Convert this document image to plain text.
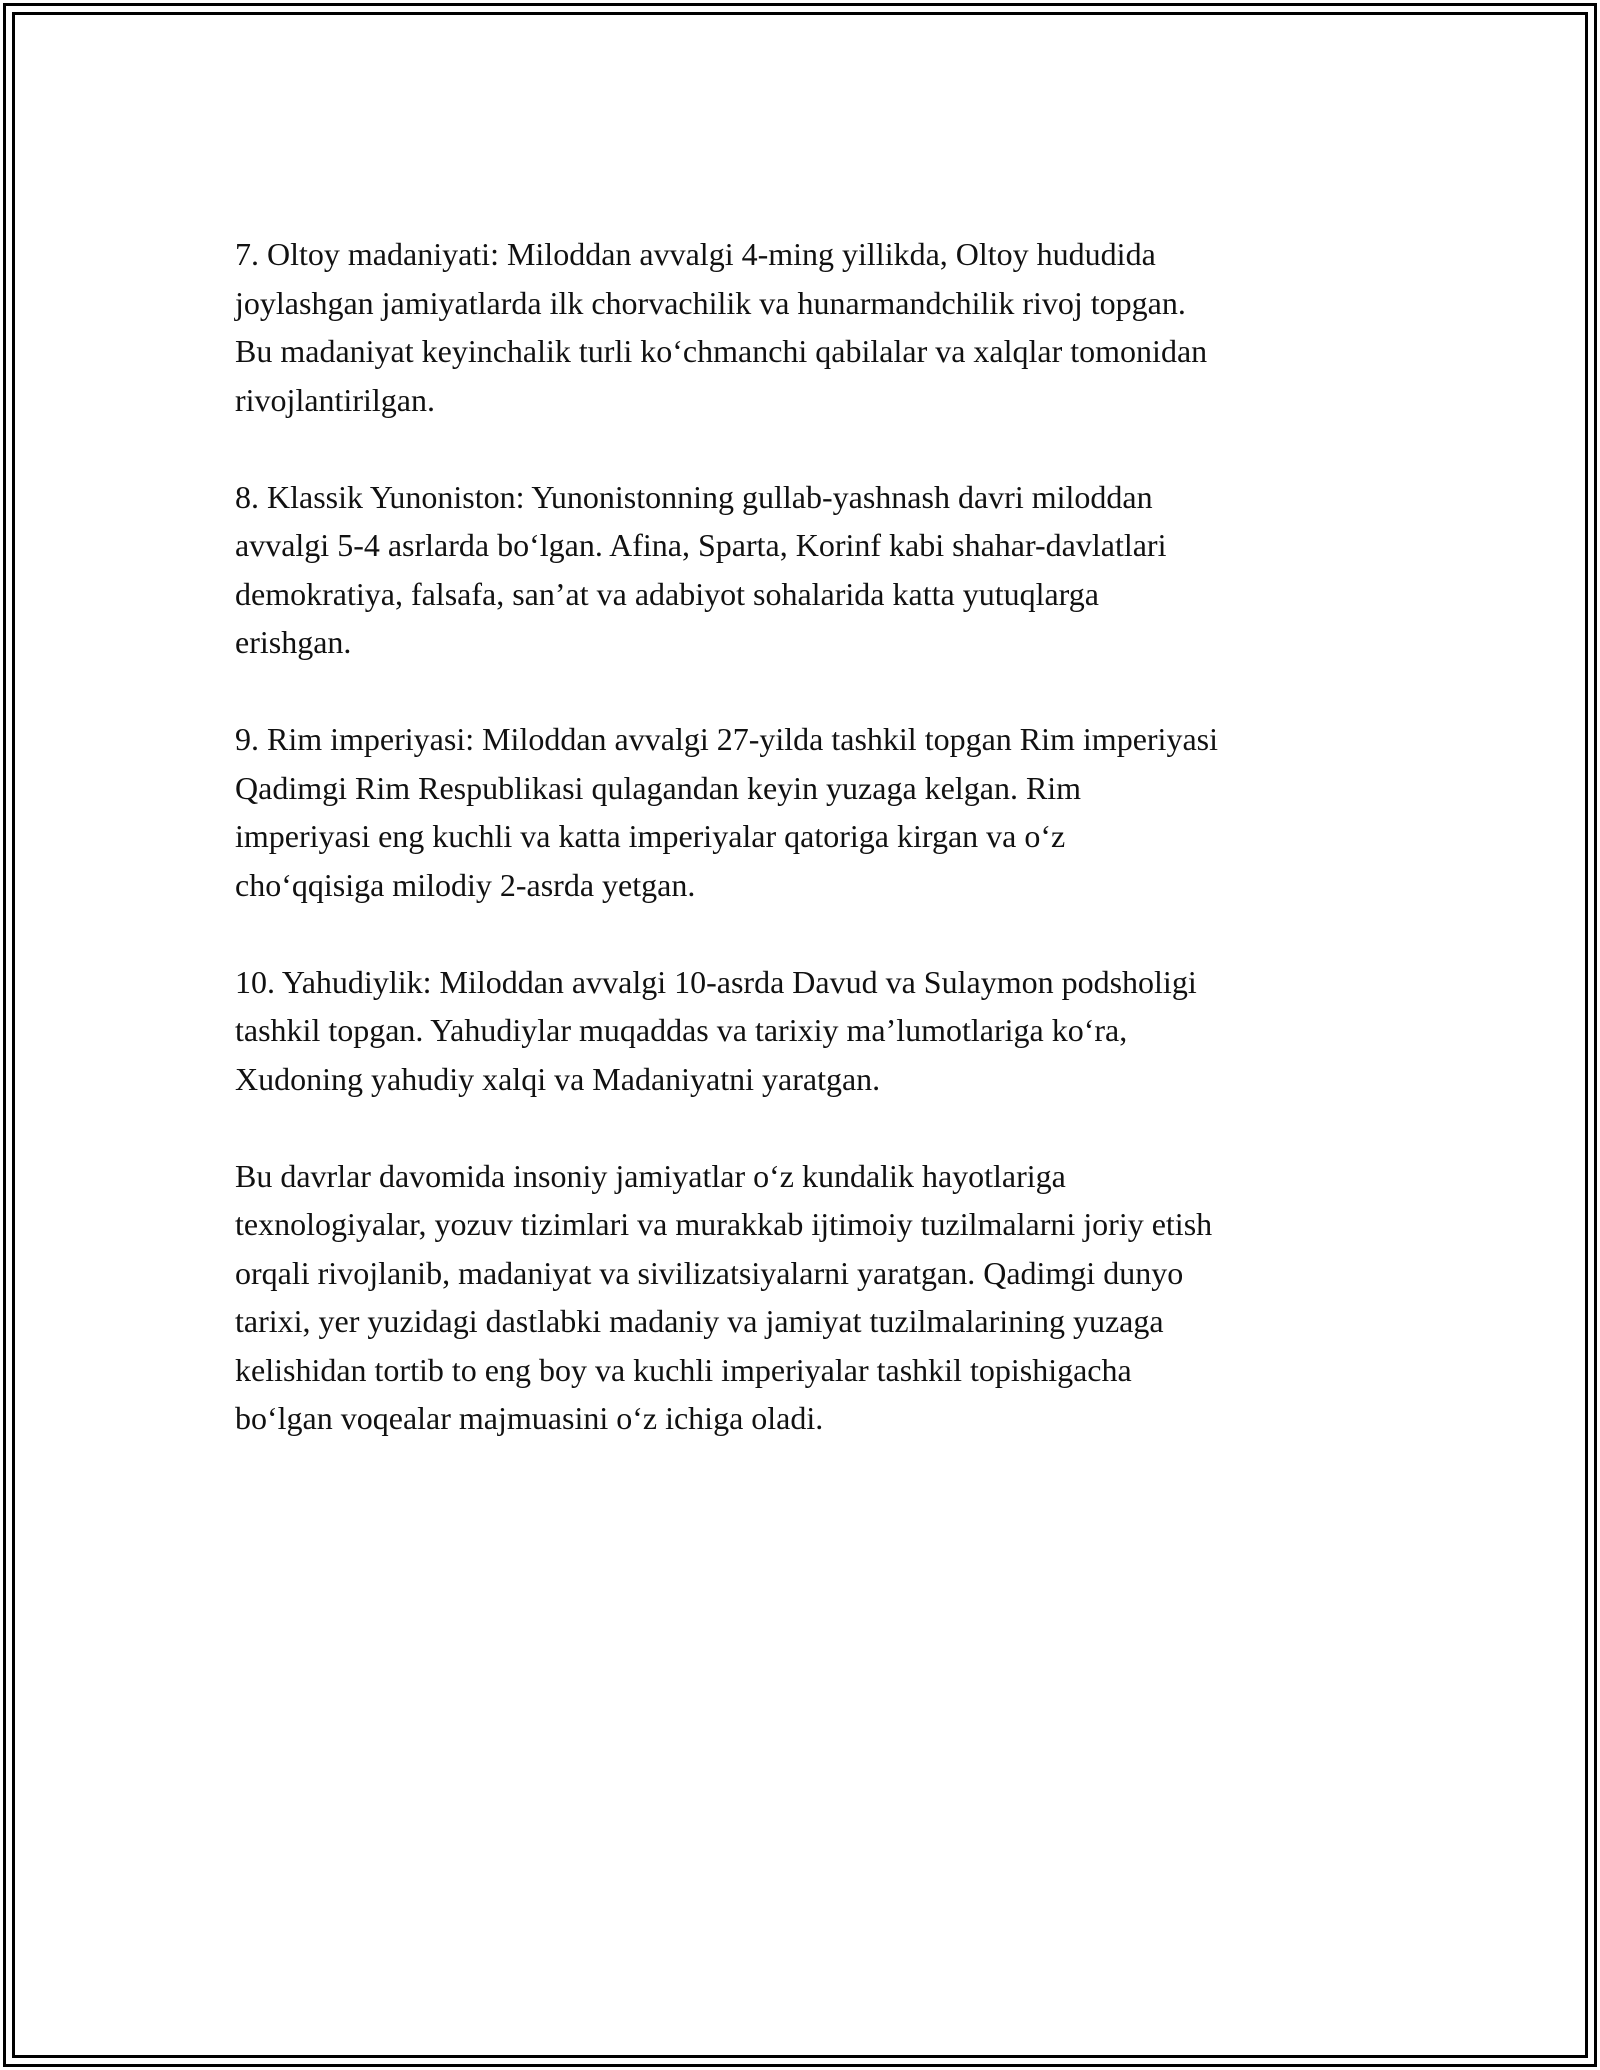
7. Oltoy madaniyati: Miloddan avvalgi 4-ming yillikda, Oltoy hududida
joylashgan jamiyatlarda ilk chorvachilik va hunarmandchilik rivoj topgan.
Bu madaniyat keyinchalik turli ko‘chmanchi qabilalar va xalqlar tomonidan
rivojlantirilgan.

8. Klassik Yunoniston: Yunonistonning gullab-yashnash davri miloddan
avvalgi 5-4 asrlarda bo‘lgan. Afina, Sparta, Korinf kabi shahar-davlatlari
demokratiya, falsafa, san’at va adabiyot sohalarida katta yutuqlarga
erishgan.

9. Rim imperiyasi: Miloddan avvalgi 27-yilda tashkil topgan Rim imperiyasi
Qadimgi Rim Respublikasi qulagandan keyin yuzaga kelgan. Rim
imperiyasi eng kuchli va katta imperiyalar qatoriga kirgan va o‘z
cho‘qqisiga milodiy 2-asrda yetgan.

10. Yahudiylik: Miloddan avvalgi 10-asrda Davud va Sulaymon podsholigi
tashkil topgan. Yahudiylar muqaddas va tarixiy ma’lumotlariga ko‘ra,
Xudoning yahudiy xalqi va Madaniyatni yaratgan.

Bu davrlar davomida insoniy jamiyatlar o‘z kundalik hayotlariga
texnologiyalar, yozuv tizimlari va murakkab ijtimoiy tuzilmalarni joriy etish
orqali rivojlanib, madaniyat va sivilizatsiyalarni yaratgan. Qadimgi dunyo
tarixi, yer yuzidagi dastlabki madaniy va jamiyat tuzilmalarining yuzaga
kelishidan tortib to eng boy va kuchli imperiyalar tashkil topishigacha
bo‘lgan voqealar majmuasini o‘z ichiga oladi.
